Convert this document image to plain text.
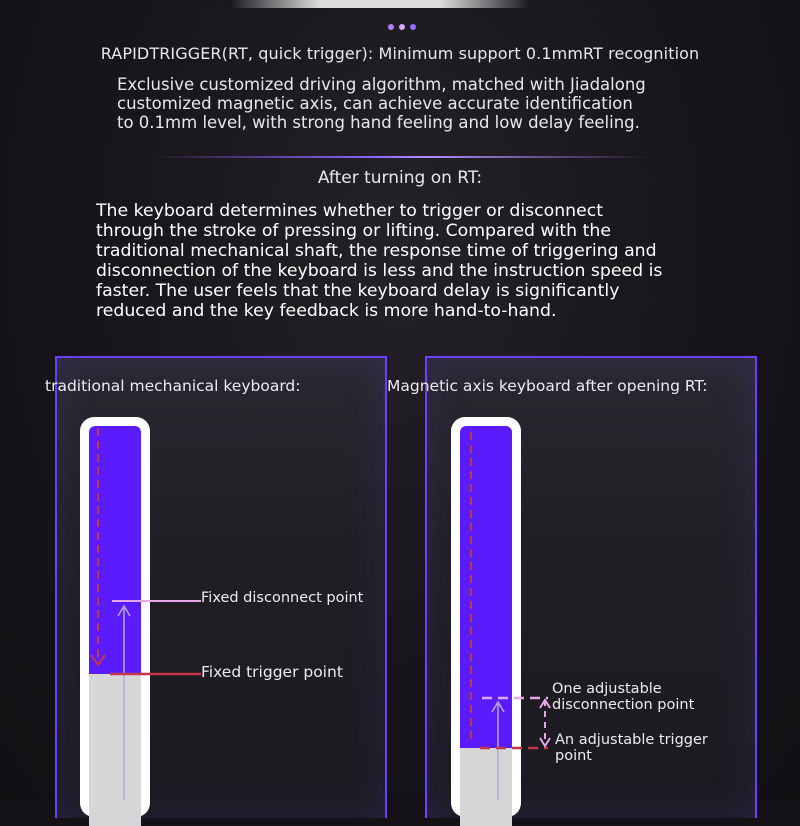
RAPIDTRIGGER(RT, quick trigger): Minimum support 0.1mmRT recognition
Exclusive customized driving algorithm, matched with Jiadalong
customized magnetic axis, can achieve accurate identification
to 0.1mm level, with strong hand feeling and low delay feeling.
After turning on RT:
The keyboard determines whether to trigger or disconnect
through the stroke of pressing or lifting. Compared with the
traditional mechanical shaft, the response time of triggering and
disconnection of the keyboard is less and the instruction speed is
faster. The user feels that the keyboard delay is significantly
reduced and the key feedback is more hand-to-hand.
traditional mechanical keyboard:	Magnetic axis keyboard after opening RT:
Fixed disconnect point
Fixed trigger point
One adjustable
disconnection point
An adjustable trigger
point
